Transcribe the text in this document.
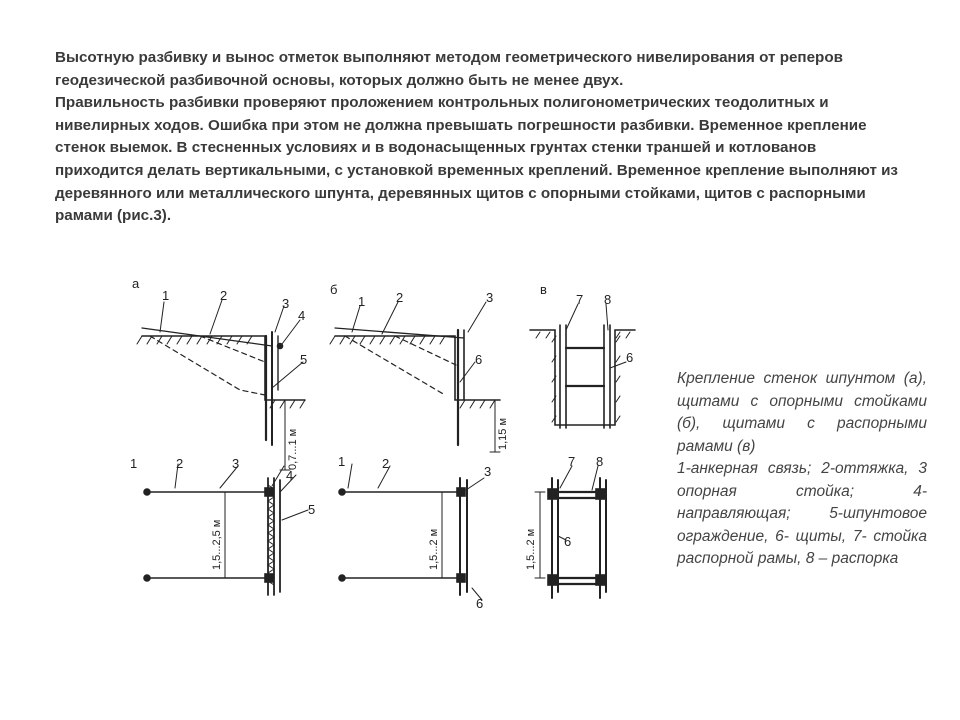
Высотную разбивку и вынос отметок выполняют методом геометрического нивелирования от реперов геодезической разбивочной основы, которых должно быть не менее двух.

Правильность разбивки проверяют проложением контрольных полигонометрических теодолитных и нивелирных ходов. Ошибка при этом не должна превышать погрешности разбивки. Временное крепление стенок выемок. В стесненных условиях и в водонасыщенных грунтах стенки траншей и котлованов приходится делать вертикальными, с установкой временных креплений. Временное крепление выполняют из деревянного или металлического шпунта, деревянных щитов с опорными стойками, щитов с распорными рамами (рис.3).

а	б	в
1	2
3
4
5
1 2	3
6
7 8
6
1	2	3
4
5
1	2
3
6
7 8
6
0,7...1 м	1,15 м
1,5...2,5 м	1,5...2 м	1,5...2 м

Крепление стенок шпунтом (а), щитами с опорными стойками (б), щитами с распорными рамами (в)

1-анкерная связь; 2-оттяжка, 3 опорная стойка; 4-направляющая; 5-шпунтовое ограждение, 6- щиты, 7- стойка распорной рамы, 8 – распорка
